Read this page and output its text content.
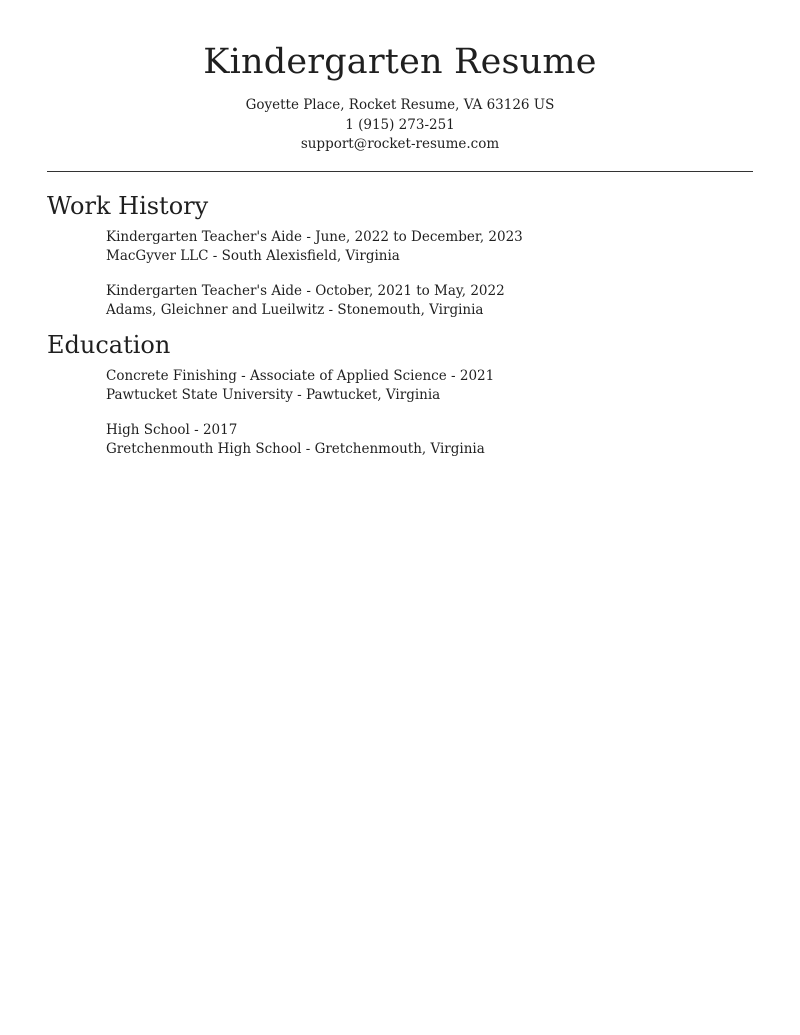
Kindergarten Resume
Goyette Place, Rocket Resume, VA 63126 US
1 (915) 273-251
support@rocket-resume.com
Work History
Kindergarten Teacher's Aide - June, 2022 to December, 2023
MacGyver LLC - South Alexisfield, Virginia
Kindergarten Teacher's Aide - October, 2021 to May, 2022
Adams, Gleichner and Lueilwitz - Stonemouth, Virginia
Education
Concrete Finishing - Associate of Applied Science - 2021
Pawtucket State University - Pawtucket, Virginia
High School - 2017
Gretchenmouth High School - Gretchenmouth, Virginia
